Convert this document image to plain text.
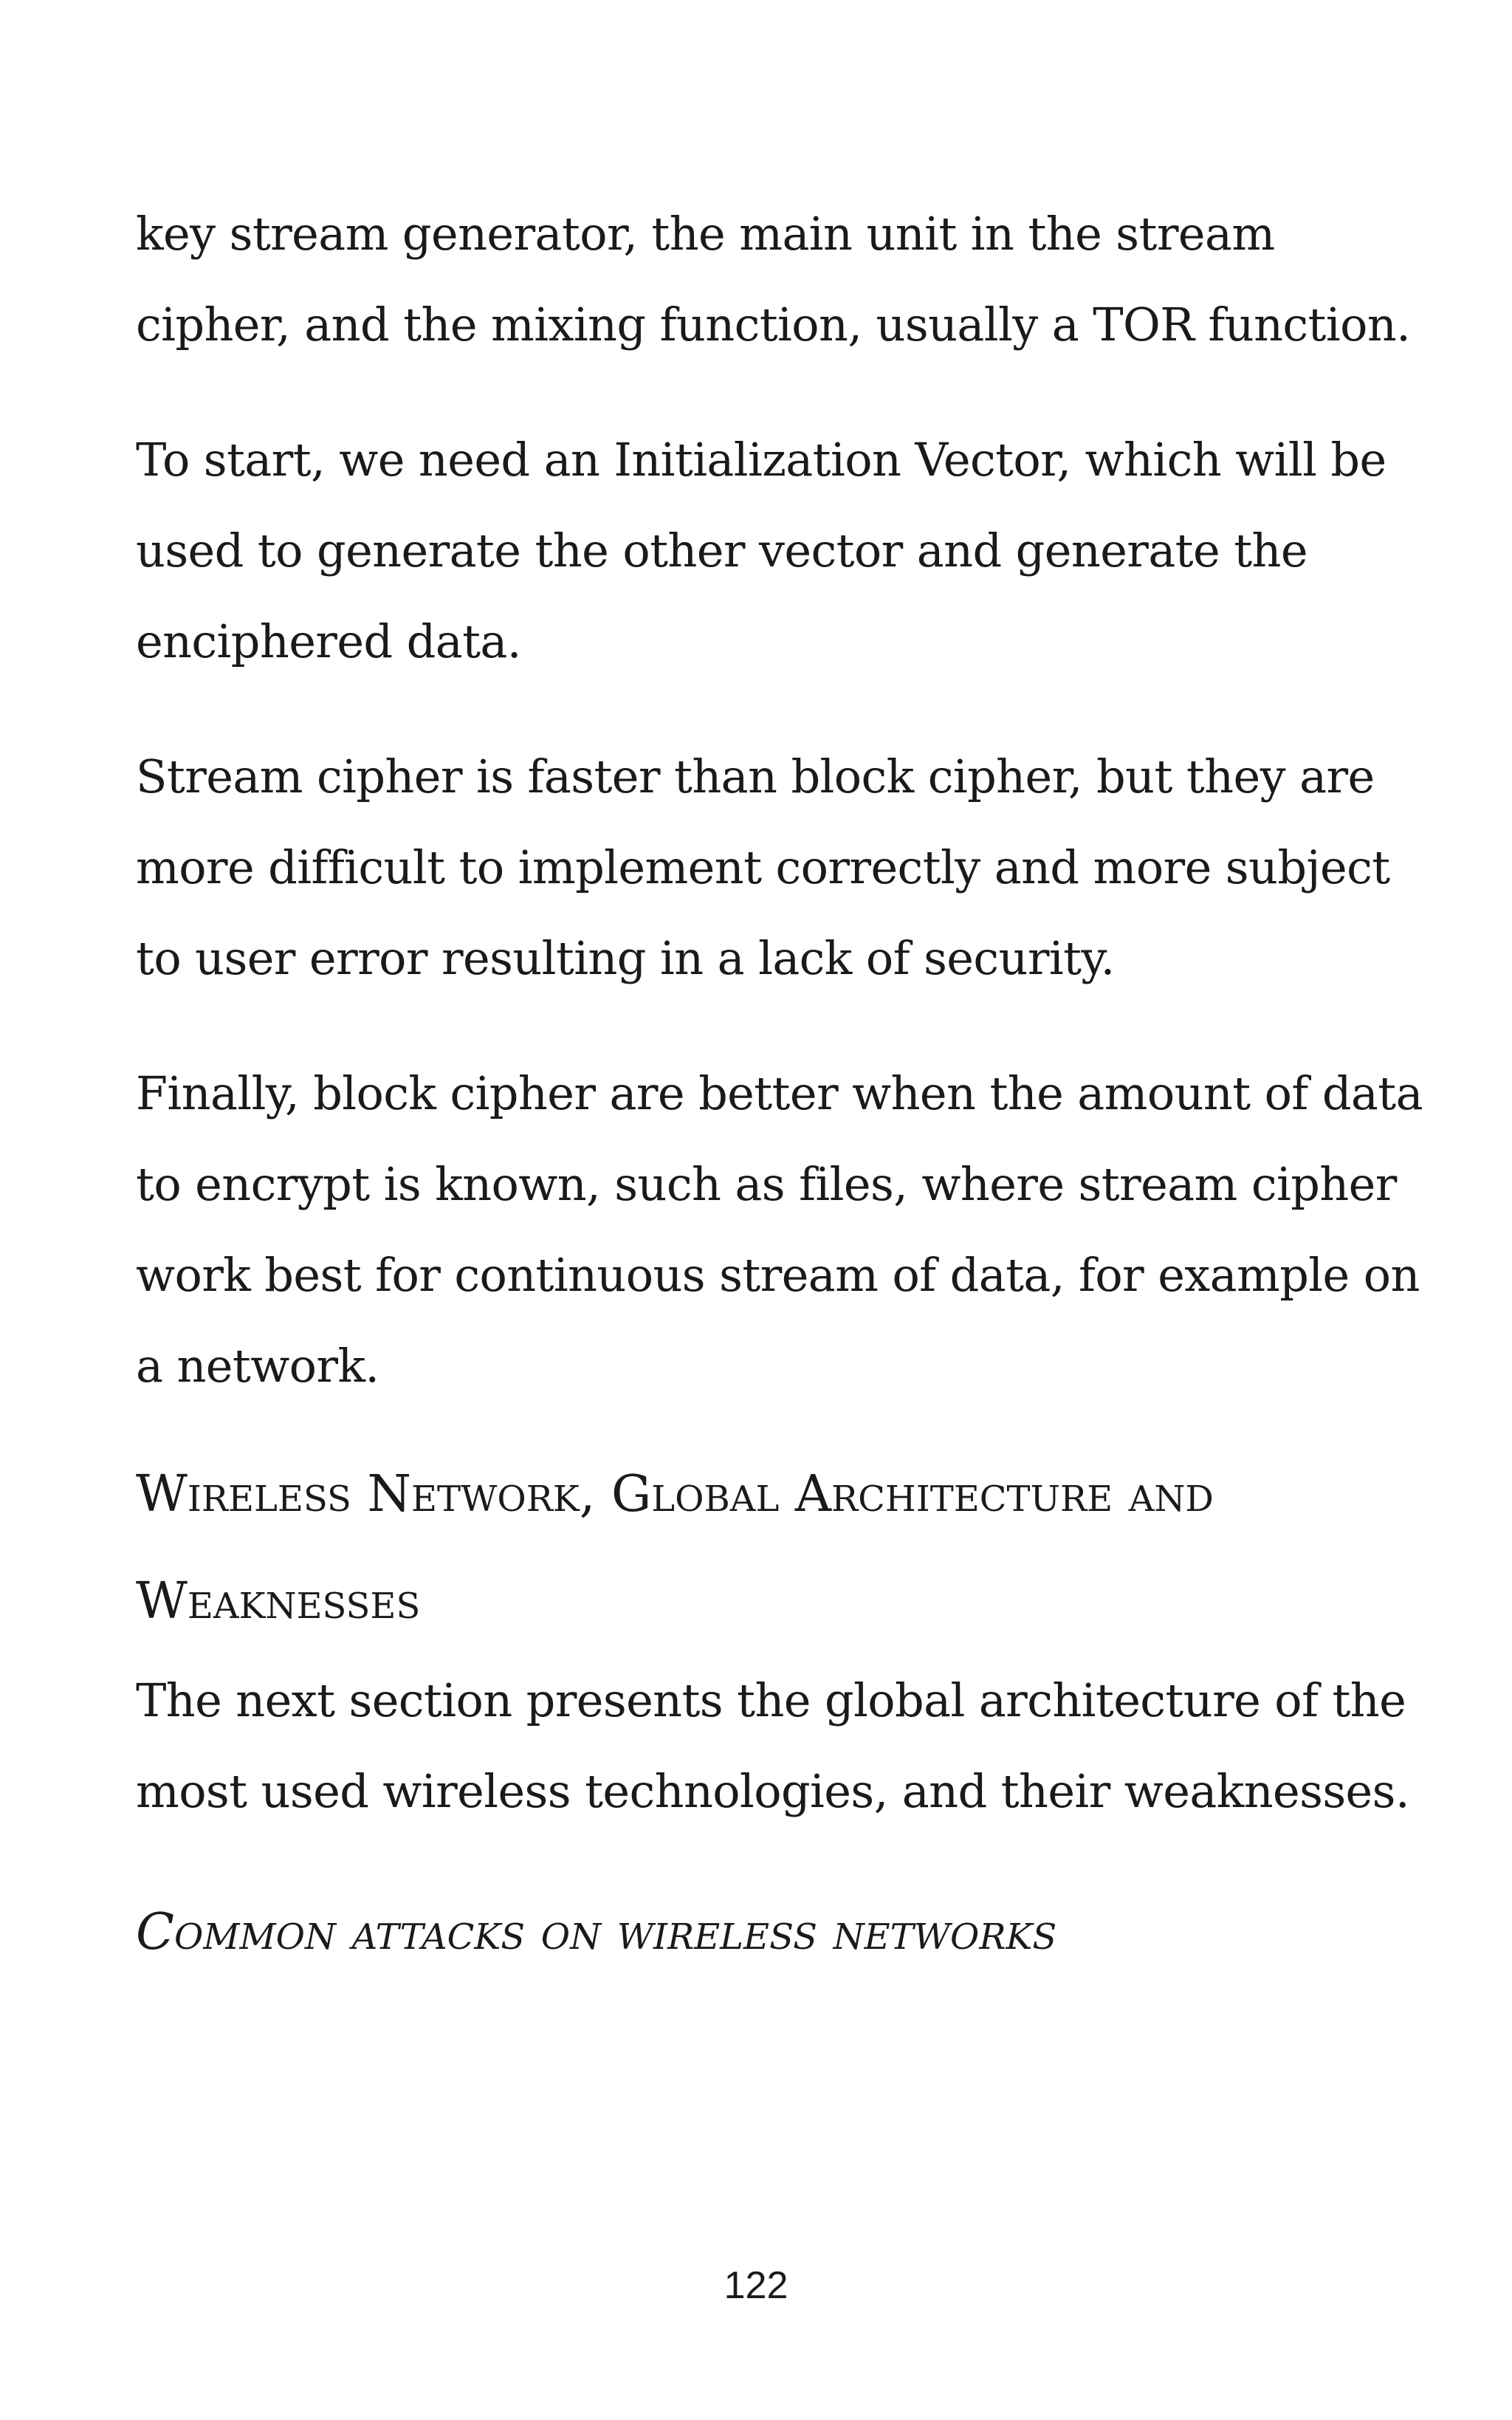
key stream generator, the main unit in the stream
cipher, and the mixing function, usually a TOR function.

To start, we need an Initialization Vector, which will be
used to generate the other vector and generate the
enciphered data.

Stream cipher is faster than block cipher, but they are
more difficult to implement correctly and more subject
to user error resulting in a lack of security.

Finally, block cipher are better when the amount of data
to encrypt is known, such as files, where stream cipher
work best for continuous stream of data, for example on
a network.

Wireless Network, Global Architecture and
Weaknesses

The next section presents the global architecture of the
most used wireless technologies, and their weaknesses.

Common attacks on wireless networks
122
